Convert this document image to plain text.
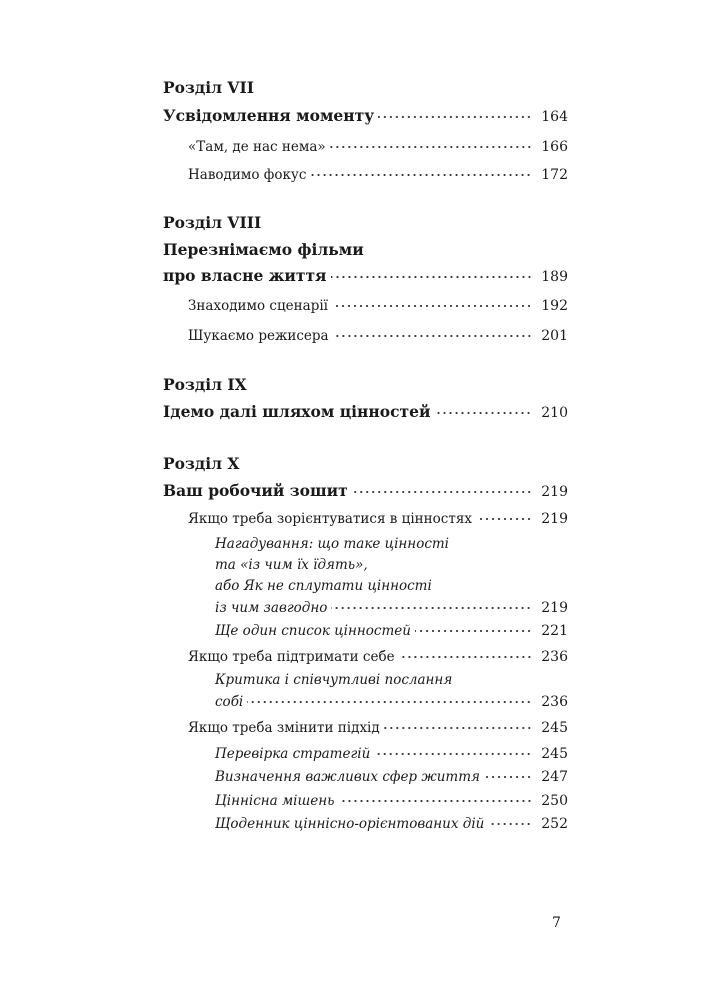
Розділ VII
Усвідомлення моменту	164
«Там, де нас нема»	166
Наводимо фокус	172
Розділ VIII
Перезнімаємо фільми
про власне життя	189
Знаходимо сценарії	192
Шукаємо режисера	201
Розділ IX
Ідемо далі шляхом цінностей	210
Розділ X
Ваш робочий зошит	219
Якщо треба зорієнтуватися в цінностях	219
Нагадування: що таке цінності
та «із чим їх їдять»,
або Як не сплутати цінності
із чим завгодно	219
Ще один список цінностей	221
Якщо треба підтримати себе	236
Критика і співчутливі послання
собі	236
Якщо треба змінити підхід	245
Перевірка стратегій	245
Визначення важливих сфер життя	247
Ціннісна мішень	250
Щоденник ціннісно-орієнтованих дій	252
7
